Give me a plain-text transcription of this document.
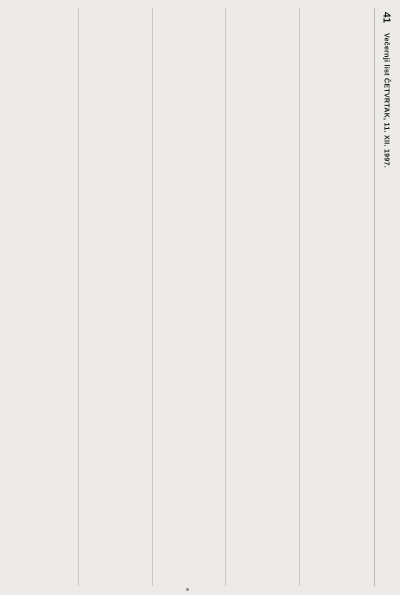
41
Večernji list ČETVRTAK, 11. XII. 1997.
